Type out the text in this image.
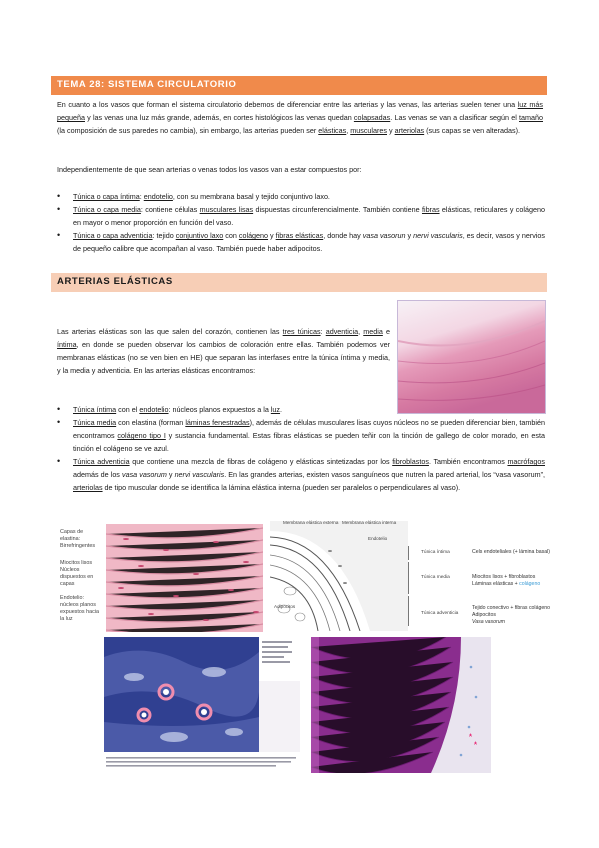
TEMA 28: SISTEMA CIRCULATORIO

En cuanto a los vasos que forman el sistema circulatorio debemos de diferenciar entre las arterias y las venas, las arterias suelen tener una luz más pequeña y las venas una luz más grande, además, en cortes histológicos las venas quedan colapsadas. Las venas se van a clasificar según el tamaño (la composición de sus paredes no cambia), sin embargo, las arterias pueden ser elásticas, musculares y arteriolas (sus capas se ven alteradas).

Independientemente de que sean arterias o venas todos los vasos van a estar compuestos por:

• Túnica o capa íntima: endotelio, con su membrana basal y tejido conjuntivo laxo.
• Túnica o capa media: contiene células musculares lisas dispuestas circunferencialmente. También contiene fibras elásticas, reticulares y colágeno en mayor o menor proporción en función del vaso.
• Túnica o capa adventicia: tejido conjuntivo laxo con colágeno y fibras elásticas, donde hay vasa vasorun y nervi vascularis, es decir, vasos y nervios de pequeño calibre que acompañan al vaso. También puede haber adipocitos.
ARTERIAS ELÁSTICAS

Las arterias elásticas son las que salen del corazón, contienen las tres túnicas: adventicia, media e íntima, en donde se pueden observar los cambios de coloración entre ellas. También podemos ver membranas elásticas (no se ven bien en HE) que separan las interfases entre la túnica íntima y media, y la media y adventicia. En las arterias elásticas encontramos:

• Túnica íntima con el endotelio: núcleos planos expuestos a la luz.
• Túnica media con elastina (forman láminas fenestradas), además de células musculares lisas cuyos núcleos no se pueden diferenciar bien, también encontramos colágeno tipo I y sustancia fundamental. Estas fibras elásticas se pueden teñir con la tinción de gallego de color morado, en esta tinción el colágeno se ve azul.
• Túnica adventicia que contiene una mezcla de fibras de colágeno y elásticas sintetizadas por los fibroblastos. También encontramos macrófagos además de los vasa vasorum y nervi vascularis. En las grandes arterias, existen vasos sanguíneos que nutren la pared arterial, los “vasa vasorum”, arteriolas de tipo muscular donde se identifica la lámina elástica interna (pueden ser paralelos o perpendiculares al vaso).
Capas de elastina: Birrefringentes
Miocitos lisos Núcleos dispuestos en capas
Endotelio: núcleos planos expuestos hacia la luz
Membrana elástica externa Membrana elástica interna
Endotelio
Adipocitos
Túnica íntima
Túnica media
Túnica adventicia
Cels endoteliales (+ lámina basal)
Miocitos lisos + fibroblastos
Láminas elásticas + colágeno
Tejido conectivo + fibras colágeno
Adipocitos
Vasa vasorum
